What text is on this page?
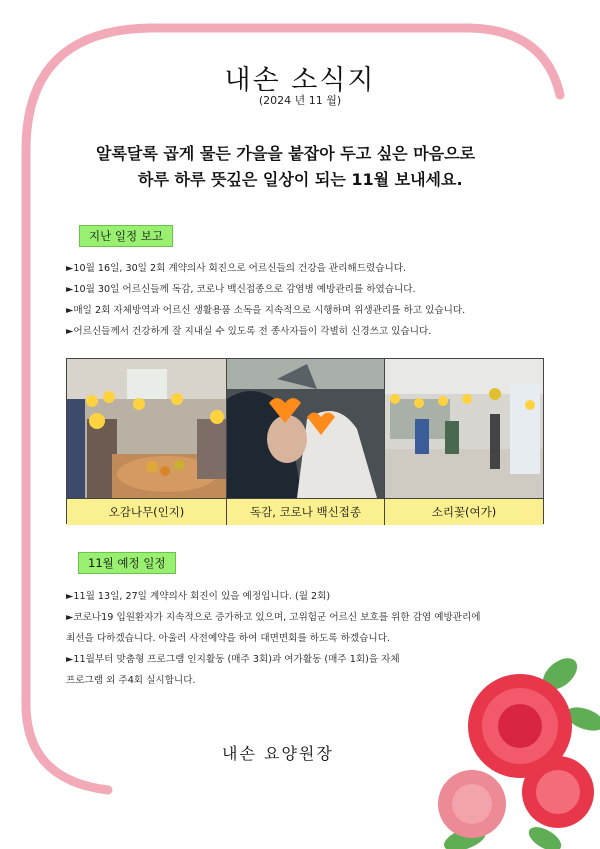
내손 소식지
(2024 년 11 월)
알록달록 곱게 물든 가을을 붙잡아 두고 싶은 마음으로
하루 하루 뜻깊은 일상이 되는 11월 보내세요.
지난 일정 보고

►10월 16일, 30일 2회 계약의사 회진으로 어르신들의 건강을 관리해드렸습니다.

►10월 30일 어르신들께 독감, 코로나 백신접종으로 감염병 예방관리를 하였습니다.

►매일 2회 자체방역과 어르신 생활용품 소독을 지속적으로 시행하며 위생관리를 하고 있습니다.

►어르신들께서 건강하게 잘 지내실 수 있도록 전 종사자들이 각별히 신경쓰고 있습니다.

오감나무(인지)	독감, 코로나 백신접종	소리꽃(여가)
11월 예정 일정

►11월 13일, 27일 계약의사 회진이 있을 예정입니다. (월 2회)

►코로나19 입원환자가 지속적으로 증가하고 있으며, 고위험군 어르신 보호를 위한 감염 예방관리에

최선을 다하겠습니다. 아울러 사전예약을 하여 대면면회를 하도록 하겠습니다.

►11월부터 맞춤형 프로그램 인지활동 (매주 3회)과 여가활동 (매주 1회)을 자체

프로그램 외 주4회 실시합니다.

내손 요양원장
